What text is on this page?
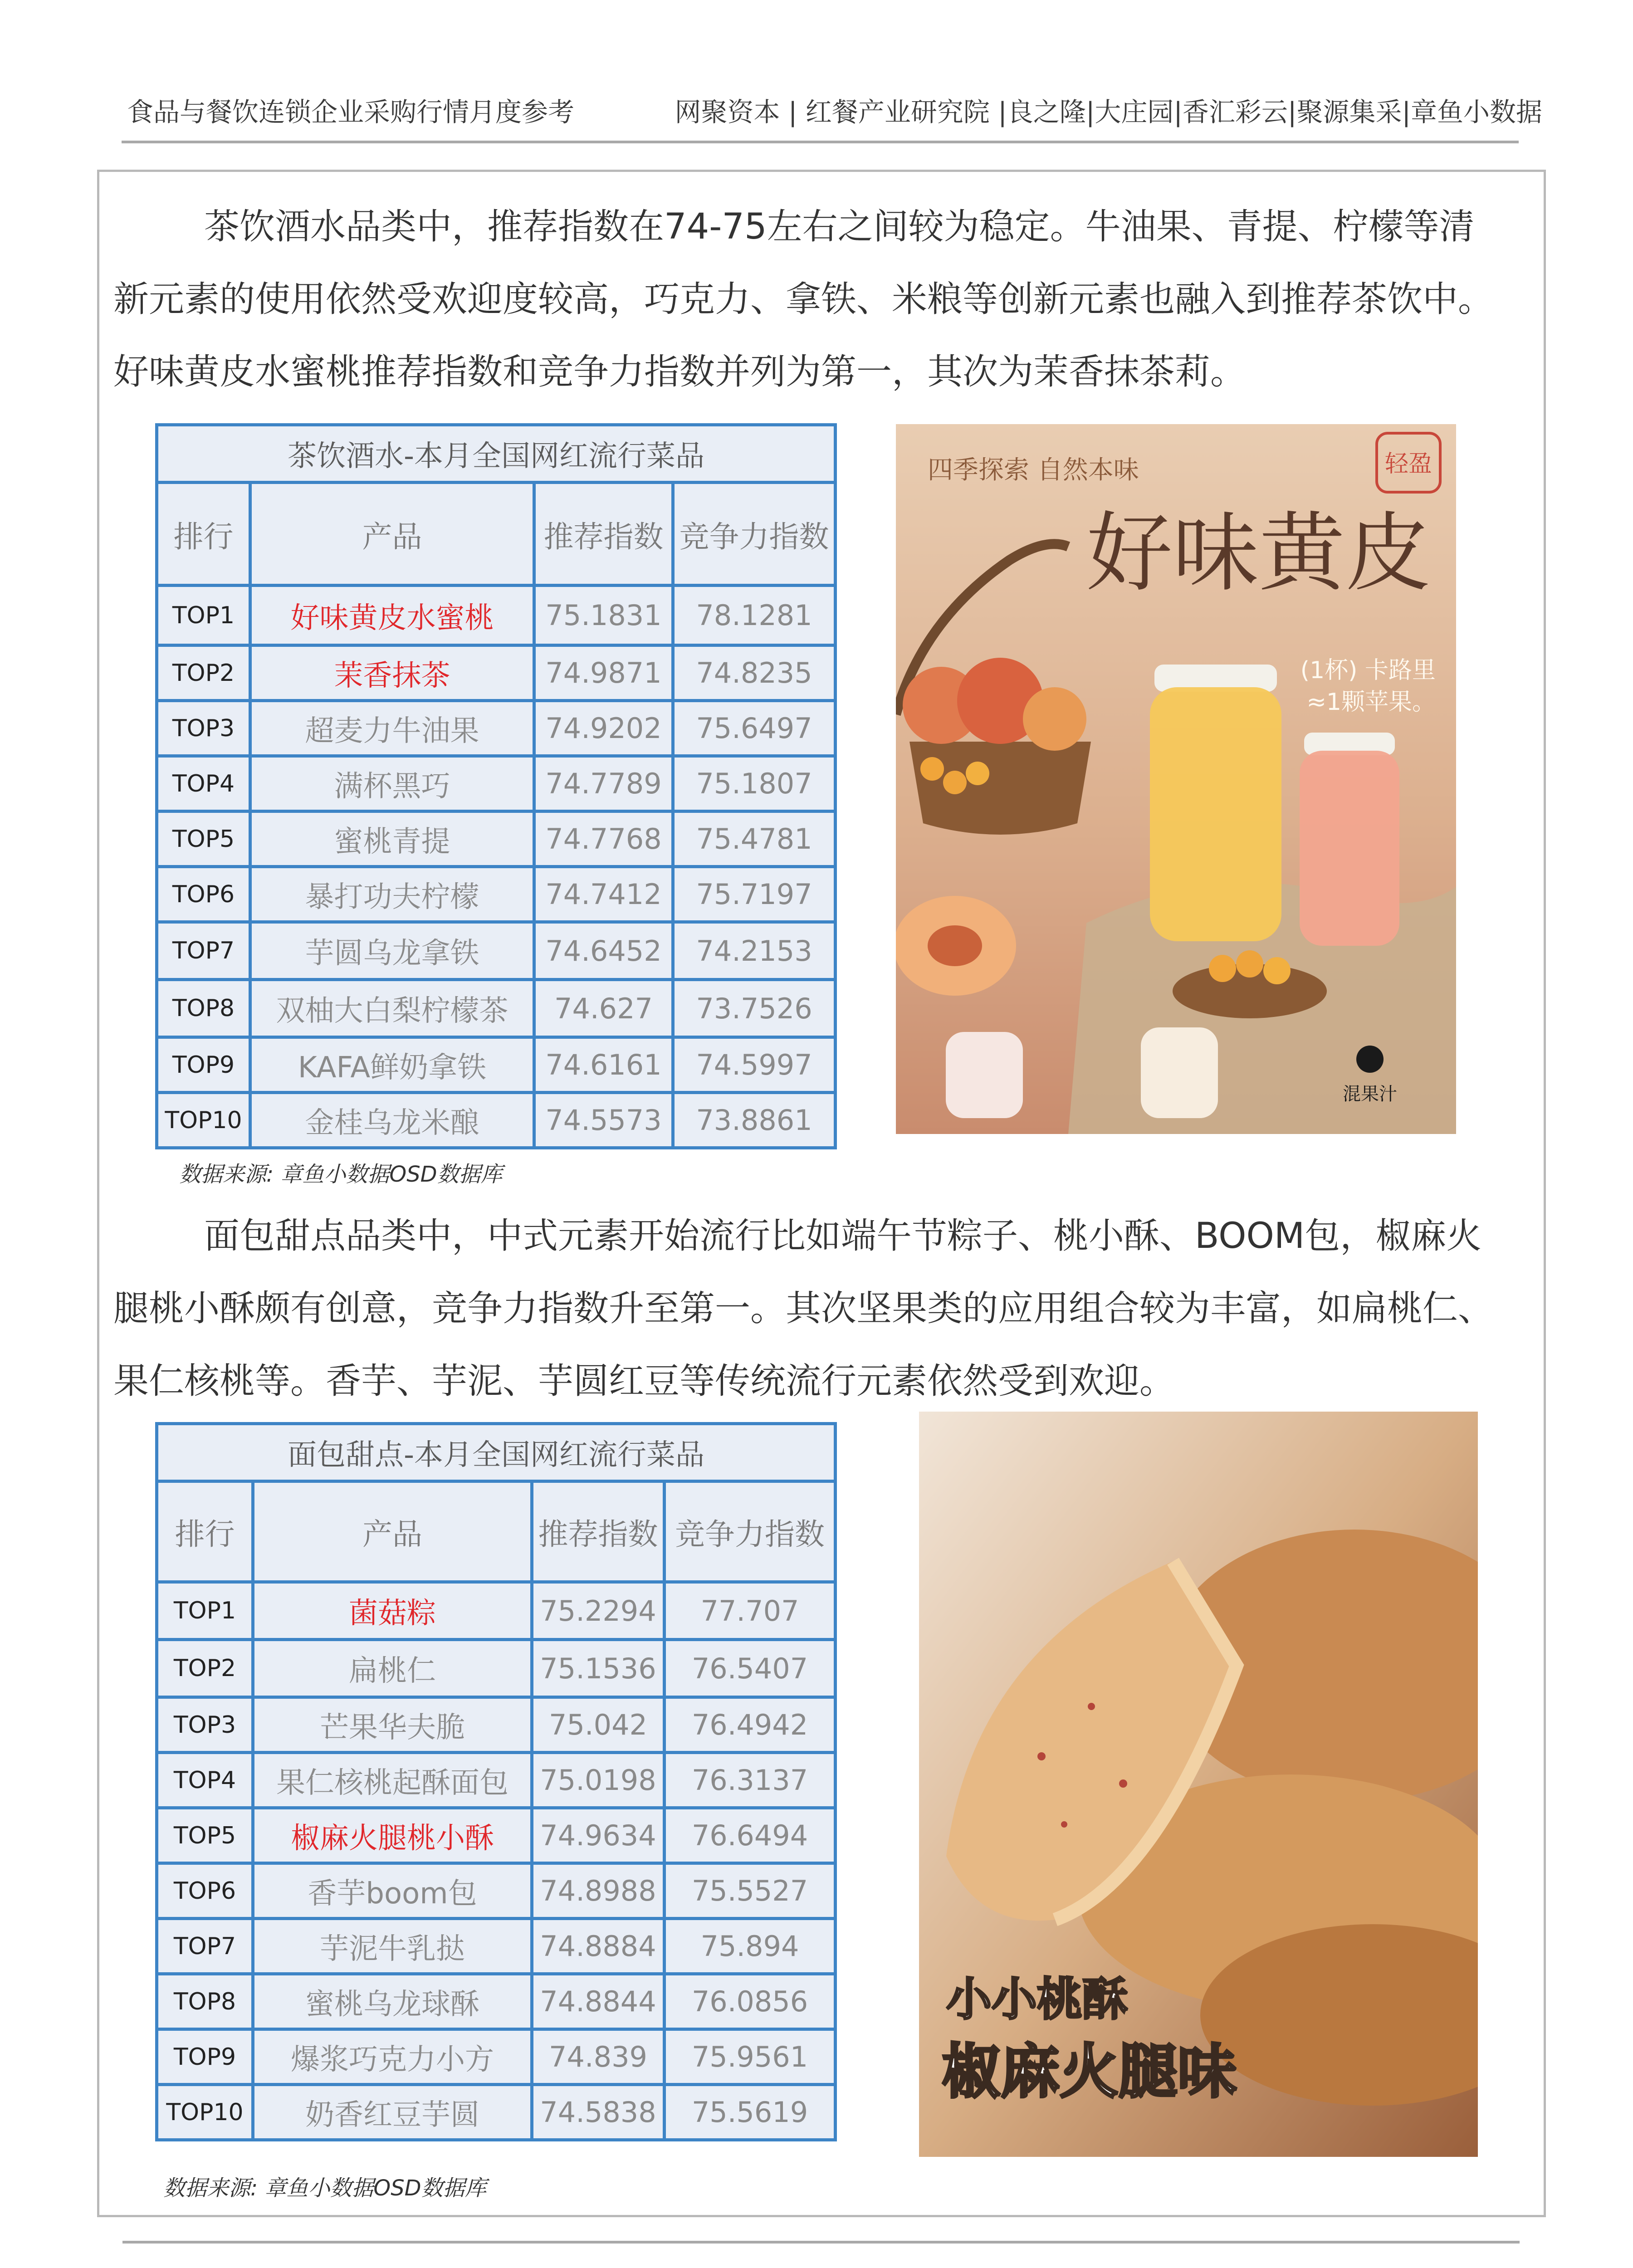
食品与餐饮连锁企业采购行情月度参考	网聚资本 | 红餐产业研究院 |良之隆|大庄园|香汇彩云|聚源集采|章鱼小数据

茶饮酒水品类中，推荐指数在74-75左右之间较为稳定。牛油果、青提、柠檬等清
新元素的使用依然受欢迎度较高，巧克力、拿铁、米粮等创新元素也融入到推荐茶饮中。
好味黄皮水蜜桃推荐指数和竞争力指数并列为第一，其次为茉香抹茶莉。

茶饮酒水-本月全国网红流行菜品			
排行	产品	推荐指数	竞争力指数
TOP1	好味黄皮水蜜桃	75.1831	78.1281
TOP2	茉香抹茶	74.9871	74.8235
TOP3	超麦力牛油果	74.9202	75.6497
TOP4	满杯黑巧	74.7789	75.1807
TOP5	蜜桃青提	74.7768	75.4781
TOP6	暴打功夫柠檬	74.7412	75.7197
TOP7	芋圆乌龙拿铁	74.6452	74.2153
TOP8	双柚大白梨柠檬茶	74.627	73.7526
TOP9	KAFA鲜奶拿铁	74.6161	74.5997
TOP10	金桂乌龙米酿	74.5573	73.8861
数据来源: 章鱼小数据OSD数据库
轻盈
好味黄皮
四季探索 自然本味
(1杯) 卡路里
≈1颗苹果。
混果汁

面包甜点品类中，中式元素开始流行比如端午节粽子、桃小酥、BOOM包，椒麻火
腿桃小酥颇有创意，竞争力指数升至第一。其次坚果类的应用组合较为丰富，如扁桃仁、
果仁核桃等。香芋、芋泥、芋圆红豆等传统流行元素依然受到欢迎。

面包甜点-本月全国网红流行菜品			
排行	产品	推荐指数	竞争力指数
TOP1	菌菇粽	75.2294	77.707
TOP2	扁桃仁	75.1536	76.5407
TOP3	芒果华夫脆	75.042	76.4942
TOP4	果仁核桃起酥面包	75.0198	76.3137
TOP5	椒麻火腿桃小酥	74.9634	76.6494
TOP6	香芋boom包	74.8988	75.5527
TOP7	芋泥牛乳挞	74.8884	75.894
TOP8	蜜桃乌龙球酥	74.8844	76.0856
TOP9	爆浆巧克力小方	74.839	75.9561
TOP10	奶香红豆芋圆	74.5838	75.5619
数据来源: 章鱼小数据OSD数据库
小小桃酥
椒麻火腿味
